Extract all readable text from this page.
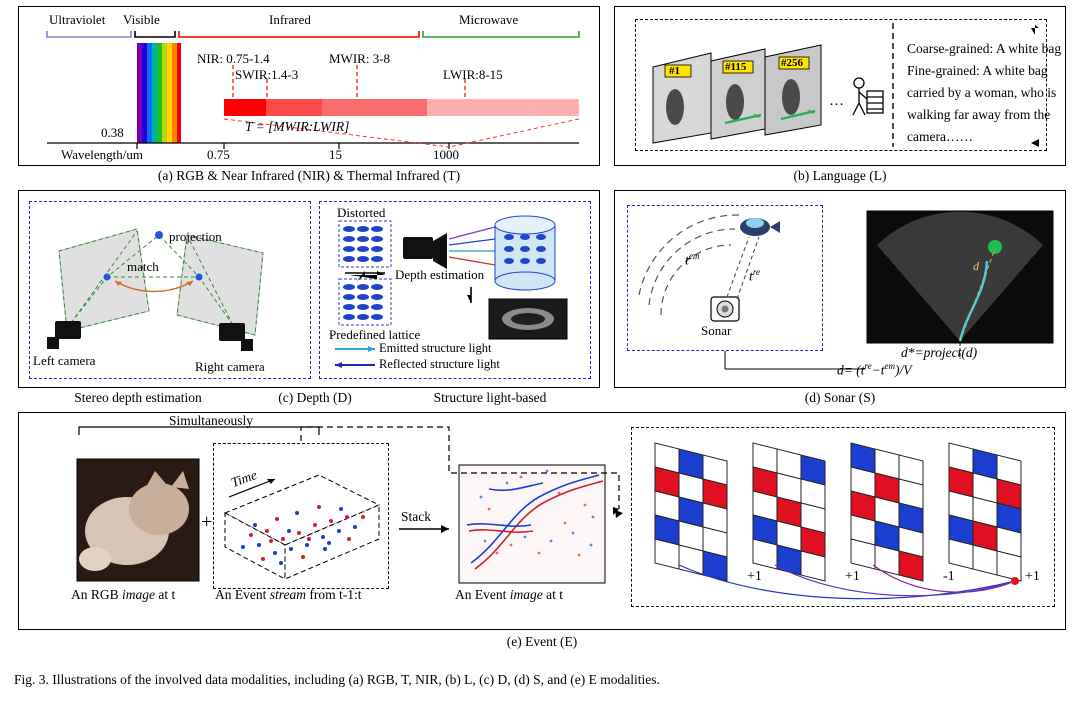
Ultraviolet Visible	Infrared	Microwave
NIR: 0.75-1.4
SWIR:1.4-3
MWIR: 3-8
LWIR:8-15
T = [MWIR:LWIR]
Wavelength/um
0.38
0.75	15	1000
(a) RGB & Near Infrared (NIR) & Thermal Infrared (T)
#1	#115	#256
…
Coarse-grained: A white bag
Fine-grained: A white bag
carried by a woman, who is
walking far away from the
camera……
(b) Language (L)
projection
match
Left camera	Right camera
Distorted
Depth estimation
Predefined lattice
Emitted structure light
Reflected structure light
Stereo depth estimation	(c) Depth (D)	Structure light-based
$t^{em}$
$t^{re}$
Sonar
d
d*=project(d)
$d= (t^{re}-t^{em})/V$
(d) Sonar (S)
Simultaneously
+
Time
Stack
An RGB image at t	An Event stream from t-1:t	An Event image at t
+1	+1	-1	+1
(e) Event (E)
Fig. 3. Illustrations of the involved data modalities, including (a) RGB, T, NIR, (b) L, (c) D, (d) S, and (e) E modalities.
